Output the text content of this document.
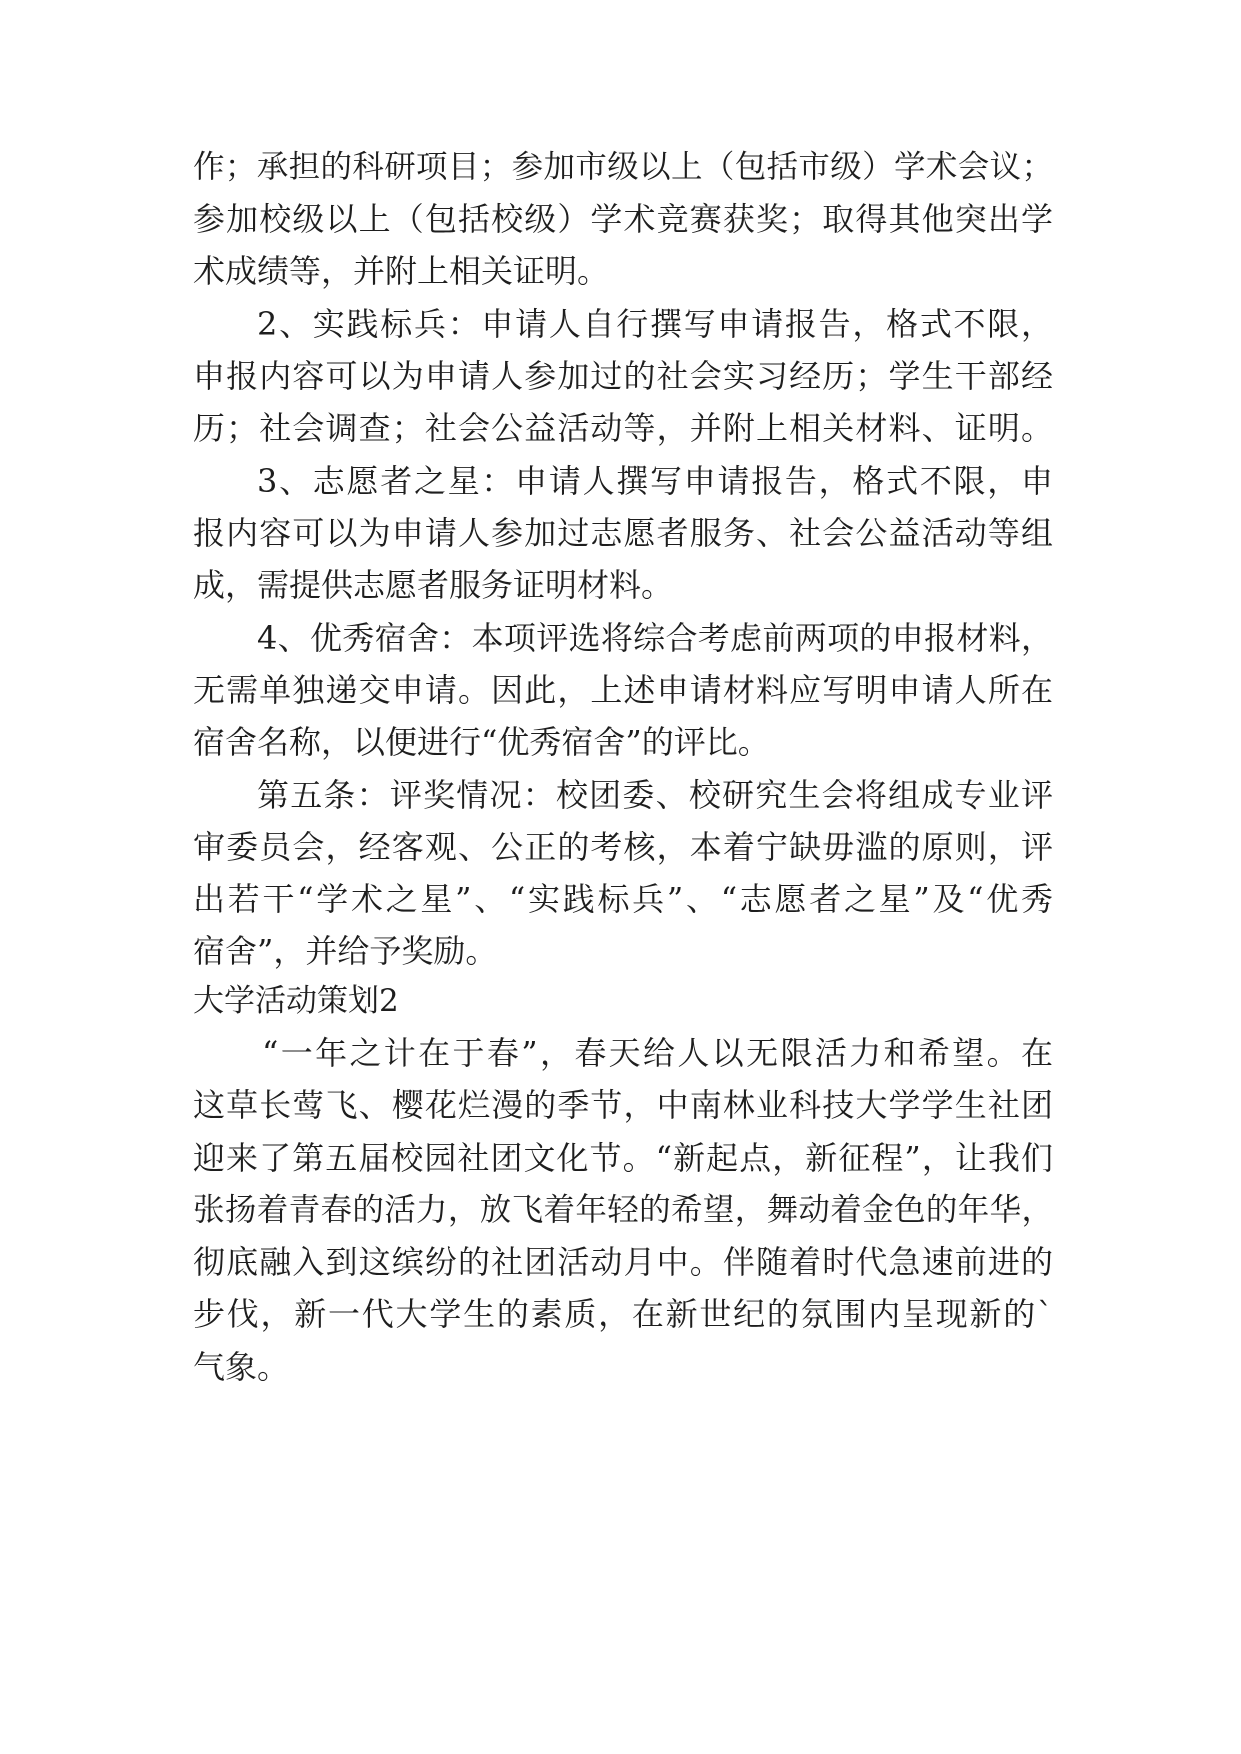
作；承担的科研项目；参加市级以上（包括市级）学术会议；
参加校级以上（包括校级）学术竞赛获奖；取得其他突出学
术成绩等，并附上相关证明。
2、实践标兵：申请人自行撰写申请报告，格式不限，
申报内容可以为申请人参加过的社会实习经历；学生干部经
历；社会调查；社会公益活动等，并附上相关材料、证明。
3、志愿者之星：申请人撰写申请报告，格式不限，申
报内容可以为申请人参加过志愿者服务、社会公益活动等组
成，需提供志愿者服务证明材料。
4、优秀宿舍：本项评选将综合考虑前两项的申报材料，
无需单独递交申请。因此，上述申请材料应写明申请人所在
宿舍名称，以便进行“优秀宿舍”的评比。
第五条：评奖情况：校团委、校研究生会将组成专业评
审委员会，经客观、公正的考核，本着宁缺毋滥的原则，评
出若干“学术之星”、“实践标兵”、“志愿者之星”及“优秀
宿舍”，并给予奖励。
大学活动策划2
“一年之计在于春”，春天给人以无限活力和希望。在
这草长莺飞、樱花烂漫的季节，中南林业科技大学学生社团
迎来了第五届校园社团文化节。“新起点，新征程”，让我们
张扬着青春的活力，放飞着年轻的希望，舞动着金色的年华，
彻底融入到这缤纷的社团活动月中。伴随着时代急速前进的
步伐，新一代大学生的素质，在新世纪的氛围内呈现新的`
气象。
